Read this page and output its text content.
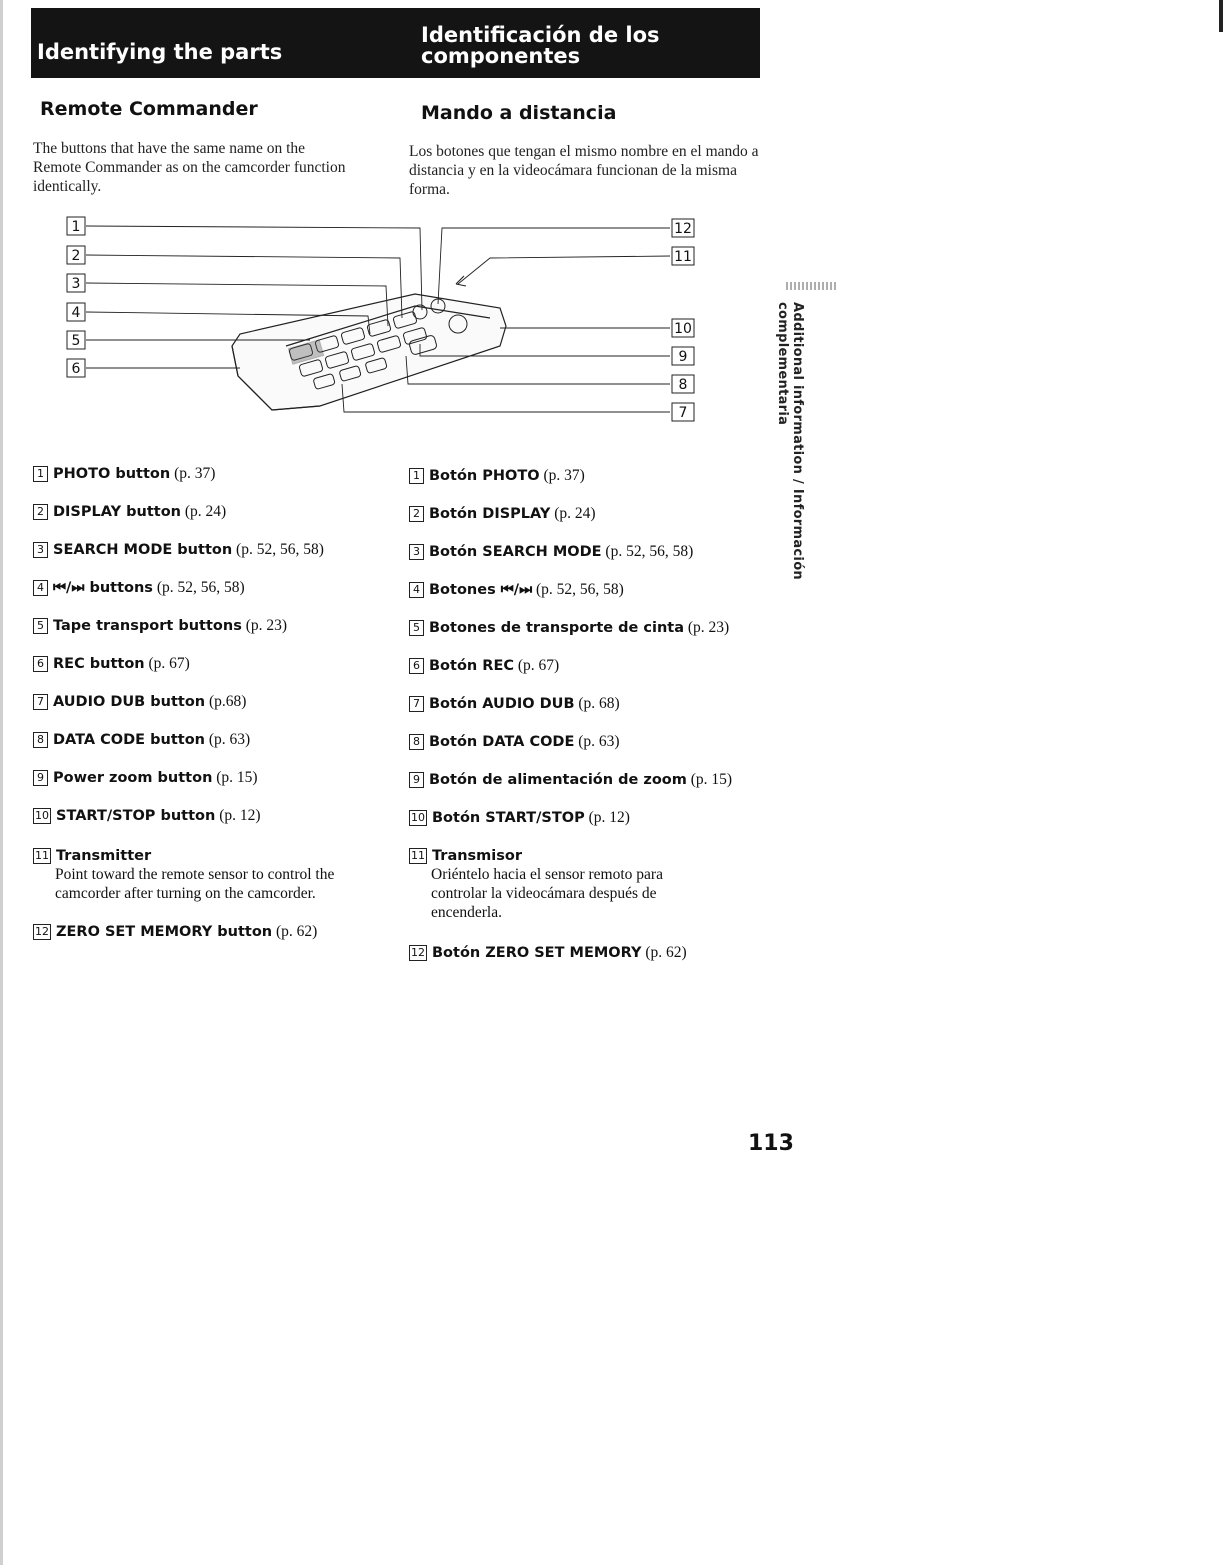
Identifying the parts
Identificación de los componentes
Remote Commander	Mando a distancia
The buttons that have the same name on the Remote Commander as on the camcorder function identically.
Los botones que tengan el mismo nombre en el mando a distancia y en la videocámara funcionan de la misma forma.
1
2
3
4
5
6
12
11
10
9
8
7
1 PHOTO button (p. 37)
2 DISPLAY button (p. 24)
3 SEARCH MODE button (p. 52, 56, 58)
4 ⏮/⏭ buttons (p. 52, 56, 58)
5 Tape transport buttons (p. 23)
6 REC button (p. 67)
7 AUDIO DUB button (p.68)
8 DATA CODE button (p. 63)
9 Power zoom button (p. 15)
10 START/STOP button (p. 12)
11 Transmitter
Point toward the remote sensor to control the camcorder after turning on the camcorder.
12 ZERO SET MEMORY button (p. 62)
1 Botón PHOTO (p. 37)
2 Botón DISPLAY (p. 24)
3 Botón SEARCH MODE (p. 52, 56, 58)
4 Botones ⏮/⏭ (p. 52, 56, 58)
5 Botones de transporte de cinta (p. 23)
6 Botón REC (p. 67)
7 Botón AUDIO DUB (p. 68)
8 Botón DATA CODE (p. 63)
9 Botón de alimentación de zoom (p. 15)
10 Botón START/STOP (p. 12)
11 Transmisor
Oriéntelo hacia el sensor remoto para controlar la videocámara después de encenderla.
12 Botón ZERO SET MEMORY (p. 62)
Additional information / Información complementaria
113
